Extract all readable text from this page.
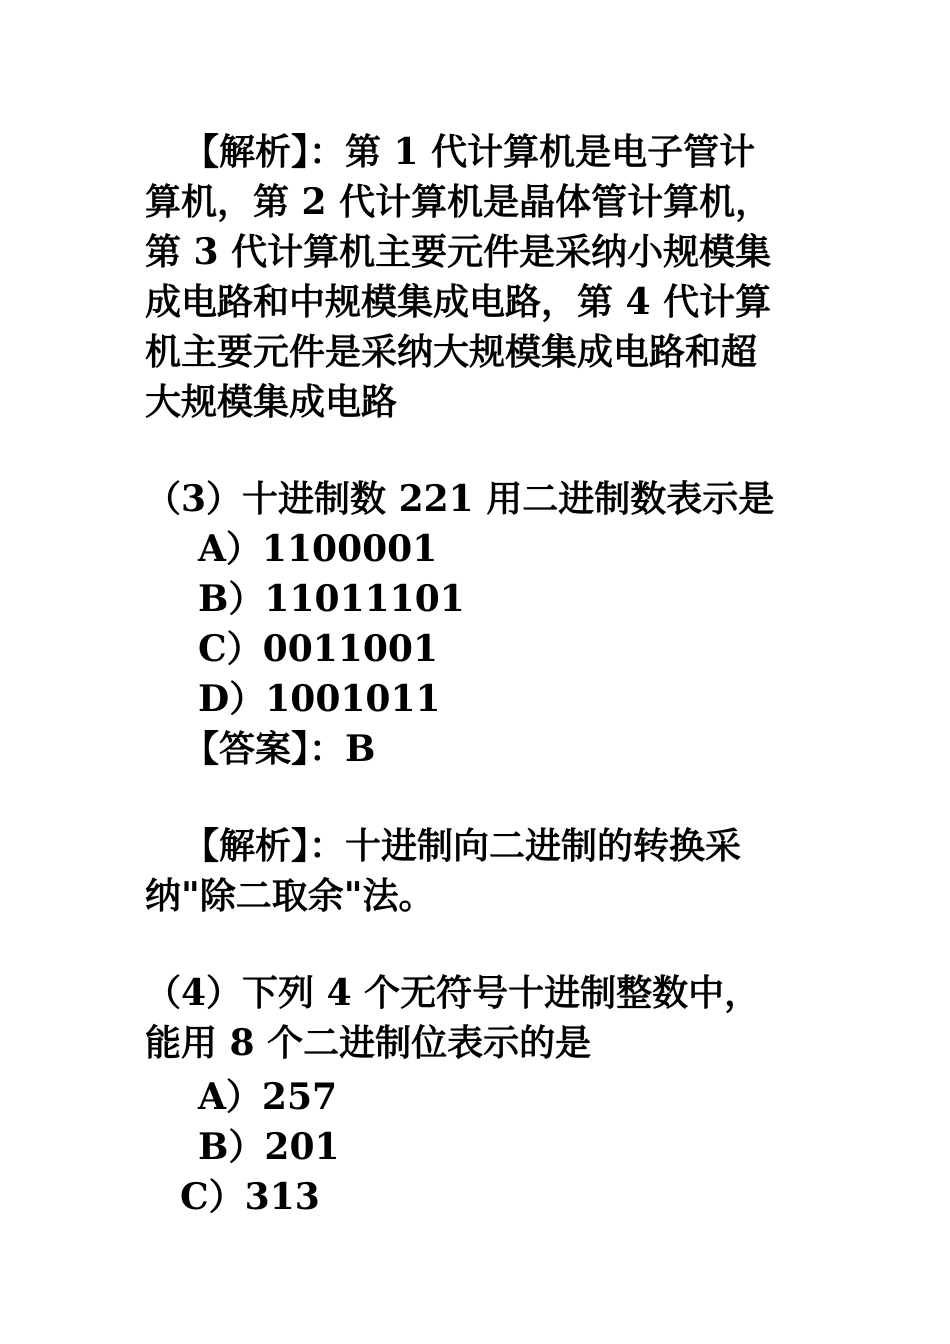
【解析】：第 1 代计算机是电子管计
算机，第 2 代计算机是晶体管计算机，
第 3 代计算机主要元件是采纳小规模集
成电路和中规模集成电路，第 4 代计算
机主要元件是采纳大规模集成电路和超
大规模集成电路
（3）十进制数 221 用二进制数表示是
A）1100001
B）11011101
C）0011001
D）1001011
【答案】：B
【解析】：十进制向二进制的转换采
纳"除二取余"法。
（4）下列 4 个无符号十进制整数中，
能用 8 个二进制位表示的是
A）257
B）201
C）313
